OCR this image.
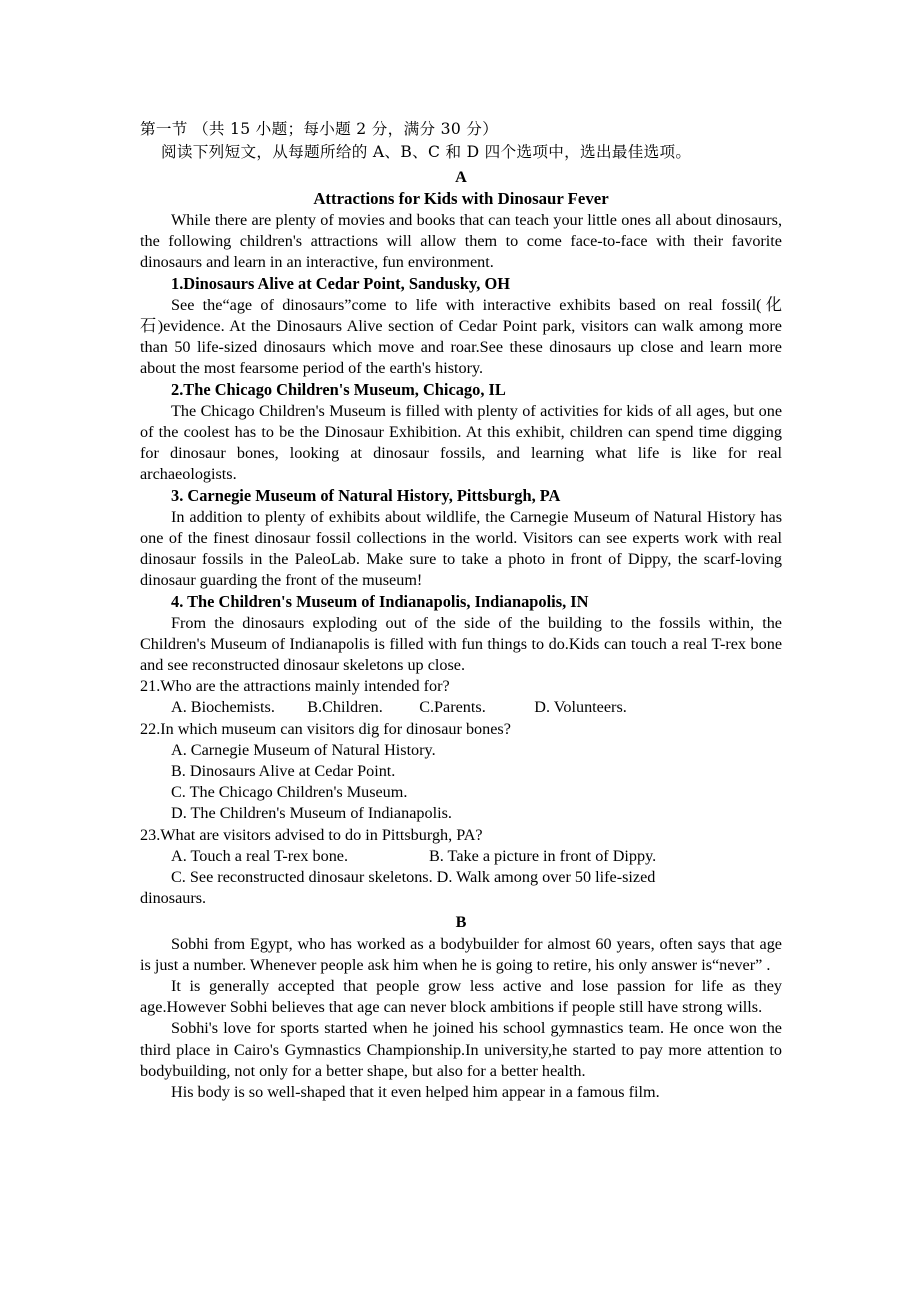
第一节 （共 15 小题；每小题 2 分，满分 30 分）

阅读下列短文，从每题所给的 A、B、C 和 D 四个选项中，选出最佳选项。

A

Attractions for Kids with Dinosaur Fever

While there are plenty of movies and books that can teach your little ones all about dinosaurs, the following children's attractions will allow them to come face-to-face with their favorite dinosaurs and learn in an interactive, fun environment.

1.Dinosaurs Alive at Cedar Point, Sandusky, OH

See the“age of dinosaurs”come to life with interactive exhibits based on real fossil(化石)evidence. At the Dinosaurs Alive section of Cedar Point park, visitors can walk among more than 50 life-sized dinosaurs which move and roar.See these dinosaurs up close and learn more about the most fearsome period of the earth's history.

2.The Chicago Children's Museum, Chicago, IL

The Chicago Children's Museum is filled with plenty of activities for kids of all ages, but one of the coolest has to be the Dinosaur Exhibition. At this exhibit, children can spend time digging for dinosaur bones, looking at dinosaur fossils, and learning what life is like for real archaeologists.

3. Carnegie Museum of Natural History, Pittsburgh, PA

In addition to plenty of exhibits about wildlife, the Carnegie Museum of Natural History has one of the finest dinosaur fossil collections in the world. Visitors can see experts work with real dinosaur fossils in the PaleoLab. Make sure to take a photo in front of Dippy, the scarf-loving dinosaur guarding the front of the museum!

4. The Children's Museum of Indianapolis, Indianapolis, IN

From the dinosaurs exploding out of the side of the building to the fossils within, the Children's Museum of Indianapolis is filled with fun things to do.Kids can touch a real T-rex bone and see reconstructed dinosaur skeletons up close.

21.Who are the attractions mainly intended for?

A. Biochemists.        B.Children.         C.Parents.            D. Volunteers.

22.In which museum can visitors dig for dinosaur bones?

A. Carnegie Museum of Natural History.

B. Dinosaurs Alive at Cedar Point.

C. The Chicago Children's Museum.

D. The Children's Museum of Indianapolis.

23.What are visitors advised to do in Pittsburgh, PA?

A. Touch a real T-rex bone.                    B. Take a picture in front of Dippy.

C. See reconstructed dinosaur skeletons. D. Walk among over 50 life-sized

dinosaurs.

B

Sobhi from Egypt, who has worked as a bodybuilder for almost 60 years, often says that age is just a number. Whenever people ask him when he is going to retire, his only answer is“never” .

It is generally accepted that people grow less active and lose passion for life as they age.However Sobhi believes that age can never block ambitions if people still have strong wills.

Sobhi's love for sports started when he joined his school gymnastics team. He once won the third place in Cairo's Gymnastics Championship.In university,he started to pay more attention to bodybuilding, not only for a better shape, but also for a better health.

His body is so well-shaped that it even helped him appear in a famous film.
